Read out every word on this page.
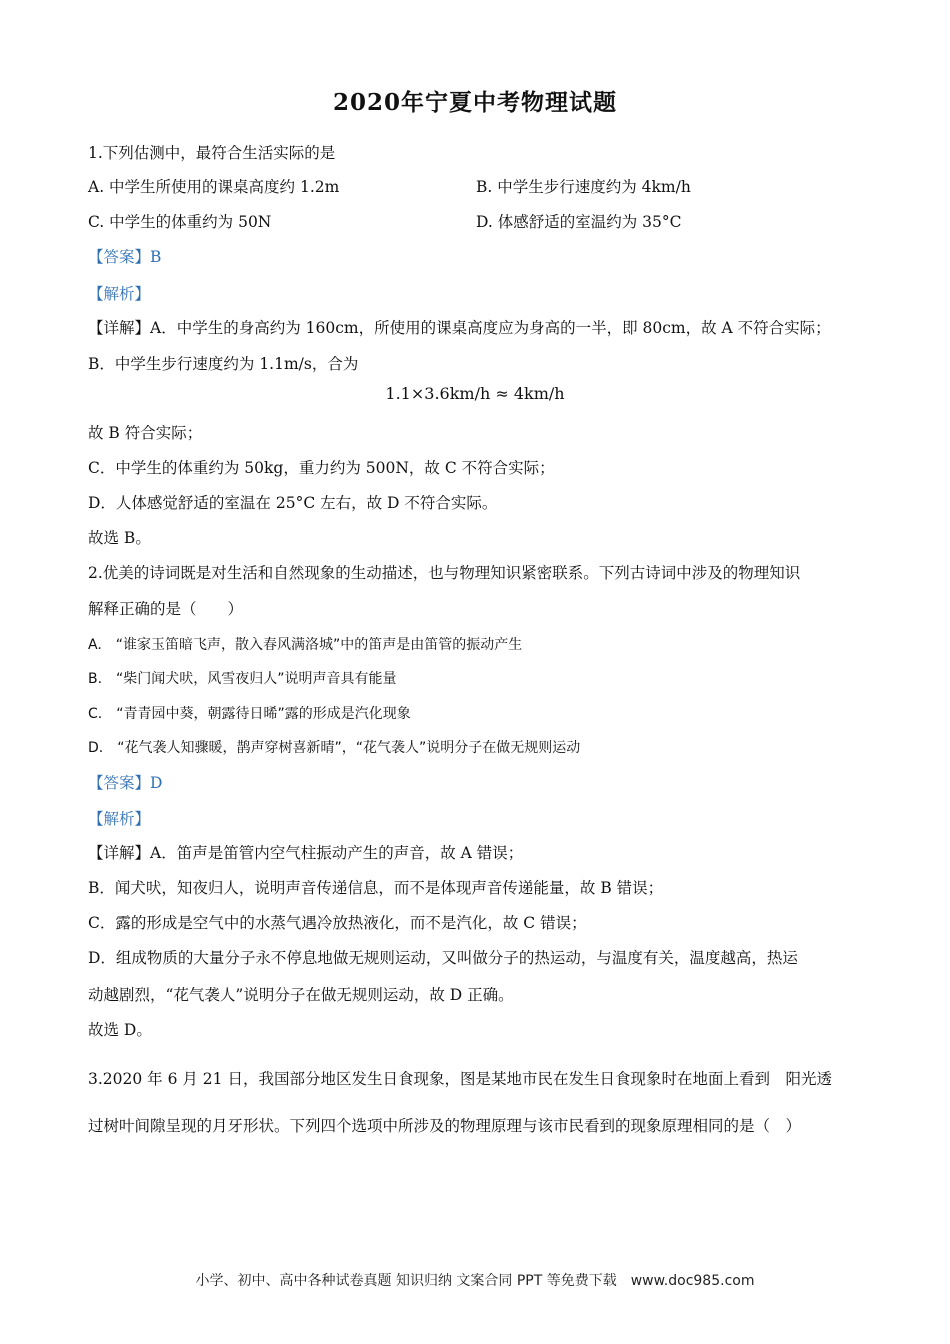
2020年宁夏中考物理试题
1.下列估测中，最符合生活实际的是
A. 中学生所使用的课桌高度约 1.2m	B. 中学生步行速度约为 4km/h
C. 中学生的体重约为 50N	D. 体感舒适的室温约为 35°C
【答案】B
【解析】
【详解】A．中学生的身高约为 160cm，所使用的课桌高度应为身高的一半，即 80cm，故 A 不符合实际；
B．中学生步行速度约为 1.1m/s，合为
1.1×3.6km/h ≈ 4km/h
故 B 符合实际；
C．中学生的体重约为 50kg，重力约为 500N，故 C 不符合实际；
D．人体感觉舒适的室温在 25°C 左右，故 D 不符合实际。
故选 B。
2.优美的诗词既是对生活和自然现象的生动描述，也与物理知识紧密联系。下列古诗词中涉及的物理知识
解释正确的是（　　）
A.　“谁家玉笛暗飞声，散入春风满洛城”中的笛声是由笛管的振动产生
B.　“柴门闻犬吠，风雪夜归人”说明声音具有能量
C.　“青青园中葵，朝露待日晞”露的形成是汽化现象
D.　“花气袭人知骤暖，鹊声穿树喜新晴”，“花气袭人”说明分子在做无规则运动
【答案】D
【解析】
【详解】A．笛声是笛管内空气柱振动产生的声音，故 A 错误；
B．闻犬吠，知夜归人，说明声音传递信息，而不是体现声音传递能量，故 B 错误；
C．露的形成是空气中的水蒸气遇冷放热液化，而不是汽化，故 C 错误；
D．组成物质的大量分子永不停息地做无规则运动，又叫做分子的热运动，与温度有关，温度越高，热运
动越剧烈，“花气袭人”说明分子在做无规则运动，故 D 正确。
故选 D。
3.2020 年 6 月 21 日，我国部分地区发生日食现象，图是某地市民在发生日食现象时在地面上看到　阳光透
过树叶间隙呈现的月牙形状。下列四个选项中所涉及的物理原理与该市民看到的现象原理相同的是（　）
小学、初中、高中各种试卷真题 知识归纳 文案合同 PPT 等免费下载　www.doc985.com
